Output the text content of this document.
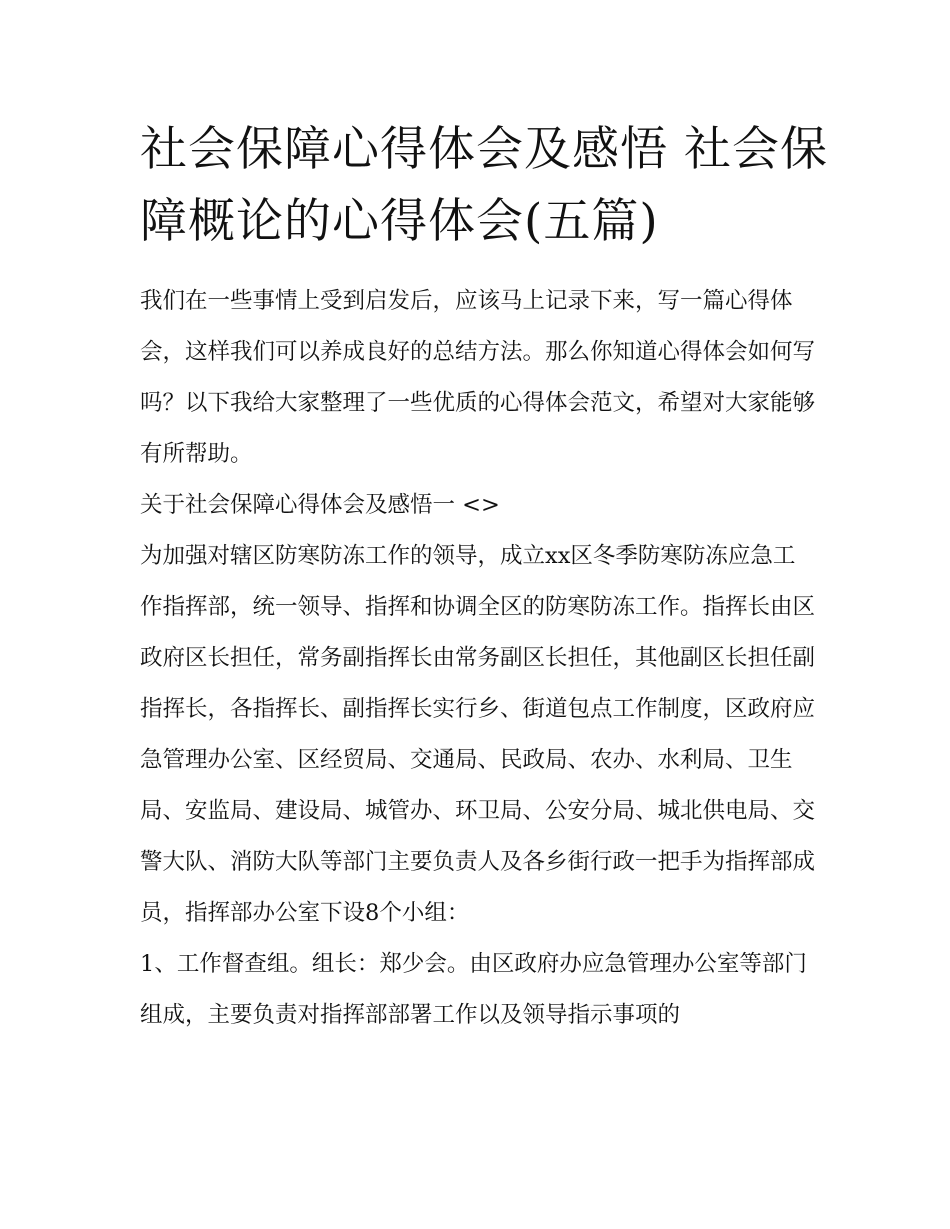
社会保障心得体会及感悟 社会保障概论的心得体会(五篇)

我们在一些事情上受到启发后，应该马上记录下来，写一篇心得体会，这样我们可以养成良好的总结方法。那么你知道心得体会如何写吗？以下我给大家整理了一些优质的心得体会范文，希望对大家能够有所帮助。

关于社会保障心得体会及感悟一 <>

为加强对辖区防寒防冻工作的领导，成立xx区冬季防寒防冻应急工作指挥部，统一领导、指挥和协调全区的防寒防冻工作。指挥长由区政府区长担任，常务副指挥长由常务副区长担任，其他副区长担任副指挥长，各指挥长、副指挥长实行乡、街道包点工作制度，区政府应急管理办公室、区经贸局、交通局、民政局、农办、水利局、卫生局、安监局、建设局、城管办、环卫局、公安分局、城北供电局、交警大队、消防大队等部门主要负责人及各乡街行政一把手为指挥部成员，指挥部办公室下设8个小组：

1、工作督查组。组长：郑少会。由区政府办应急管理办公室等部门组成，主要负责对指挥部部署工作以及领导指示事项的
